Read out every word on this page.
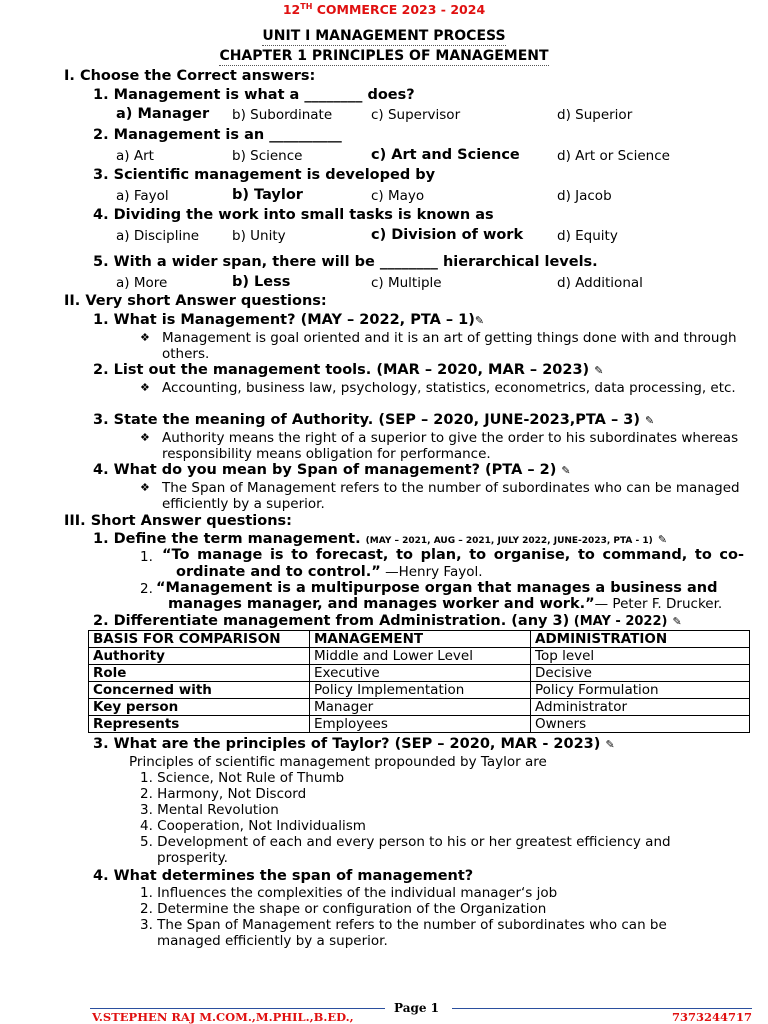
12TH COMMERCE 2023 - 2024
UNIT I MANAGEMENT PROCESS
CHAPTER 1 PRINCIPLES OF MANAGEMENT
I. Choose the Correct answers:
1. Management is what a ________ does?
a) Manager b) Subordinate	c) Supervisor	d) Superior
2. Management is an __________
a) Art	b) Science	c) Art and Science	d) Art or Science
3. Scientific management is developed by
a) Fayol	b) Taylor	c) Mayo	d) Jacob
4. Dividing the work into small tasks is known as
a) Discipline b) Unity	c) Division of work	d) Equity
5. With a wider span, there will be ________ hierarchical levels.
a) More	b) Less	c) Multiple	d) Additional
II. Very short Answer questions:
1. What is Management? (MAY – 2022, PTA – 1)✎
❖ Management is goal oriented and it is an art of getting things done with and through others.
2. List out the management tools. (MAR – 2020, MAR – 2023) ✎
❖ Accounting, business law, psychology, statistics, econometrics, data processing, etc.
3. State the meaning of Authority. (SEP – 2020, JUNE-2023,PTA – 3) ✎
❖ Authority means the right of a superior to give the order to his subordinates whereas responsibility means obligation for performance.
4. What do you mean by Span of management? (PTA – 2) ✎
❖ The Span of Management refers to the number of subordinates who can be managed efficiently by a superior.
III. Short Answer questions:
1. Define the term management. (MAY – 2021, AUG – 2021, JULY 2022, JUNE-2023, PTA - 1) ✎
1. “To manage is to forecast, to plan, to organise, to command, to co-
ordinate and to control.” —Henry Fayol.
2. “Management is a multipurpose organ that manages a business and
manages manager, and manages worker and work.”— Peter F. Drucker.
2. Differentiate management from Administration. (any 3) (MAY - 2022) ✎
BASIS FOR COMPARISON	MANAGEMENT	ADMINISTRATION
Authority	Middle and Lower Level	Top level
Role	Executive	Decisive
Concerned with	Policy Implementation	Policy Formulation
Key person	Manager	Administrator
Represents	Employees	Owners
3. What are the principles of Taylor? (SEP – 2020, MAR - 2023) ✎
Principles of scientific management propounded by Taylor are
1. Science, Not Rule of Thumb
2. Harmony, Not Discord
3. Mental Revolution
4. Cooperation, Not Individualism
5. Development of each and every person to his or her greatest efficiency and
prosperity.
4. What determines the span of management?
1. Influences the complexities of the individual manager‘s job
2. Determine the shape or configuration of the Organization
3. The Span of Management refers to the number of subordinates who can be
managed efficiently by a superior.
V.STEPHEN RAJ M.COM.,M.PHIL.,B.ED.,
Page 1
7373244717
